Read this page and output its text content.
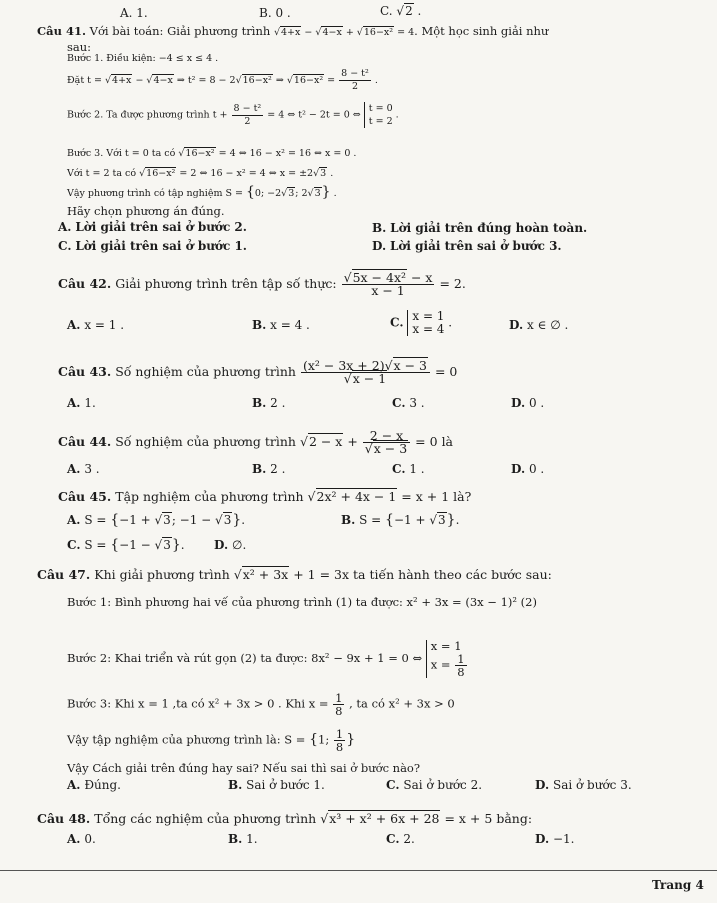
A. 1.	B. 0 .	C. √2 .
Câu 41. Với bài toán: Giải phương trình √4+x − √4−x + √16−x² = 4. Một học sinh giải như
sau:
Bước 1. Điều kiện: −4 ≤ x ≤ 4 .
Đặt t = √4+x − √4−x ⇒ t² = 8 − 2√16−x² ⇒ $√16-x^2 = \frac{\text{8 − t²}}{2}$ .
Bước 2. Ta được phương trình $t + \frac{\text{8 − t²}}{2} = 4$ ⇔ t² − 2t = 0 ⇔
t = 0
t = 2
.
Bước 3. Với t = 0 ta có √16−x² = 4 ⇔ 16 − x² = 16 ⇔ x = 0 .
Với t = 2 ta có √16−x² = 2 ⇔ 16 − x² = 4 ⇔ x = ±2√3 .
Vậy phương trình có tập nghiệm S = {0; −2√3; 2√3} .
Hãy chọn phương án đúng.
A. Lời giải trên sai ở bước 2.	B. Lời giải trên đúng hoàn toàn.
C. Lời giải trên sai ở bước 1.	D. Lời giải trên sai ở bước 3.
Câu 42. Giải phương trình trên tập số thực: $\frac{\text{√5x − 4x² − x}}{x - 1} = 2$.
A. x = 1 .	B. x = 4 .	C. x = 1
x = 4 .	D. x ∈ ∅ .
Câu 43. Số nghiệm của phương trình $\frac{\text{(x² − 3x + 2)√x − 3}}{√x - 1} = 0$
A. 1.	B. 2 .	C. 3 .	D. 0 .
Câu 44. Số nghiệm của phương trình $√2 - x + \frac{2 - x}{√x - 3} = 0$ là
A. 3 .	B. 2 .	C. 1 .	D. 0 .
Câu 45. Tập nghiệm của phương trình √2x² + 4x − 1 = x + 1 là?
A. S = {−1 + √3; −1 − √3}.	B. S = {−1 + √3}.
C. S = {−1 − √3}. D. ∅.
Câu 47. Khi giải phương trình √x² + 3x + 1 = 3x ta tiến hành theo các bước sau:
Bước 1: Bình phương hai vế của phương trình (1) ta được: x² + 3x = (3x − 1)² (2)
Bước 2: Khai triển và rút gọn (2) ta được: 8x² − 9x + 1 = 0 ⇔
x = 1
$x = \frac{1}{8}$
Bước 3: Khi x = 1 ,ta có x² + 3x > 0 . Khi $x = \frac{1}{8}$ , ta có x² + 3x > 0
Vậy tập nghiệm của phương trình là: S = {1; $\frac{1}{8}$ }
Vậy Cách giải trên đúng hay sai? Nếu sai thì sai ở bước nào?
A. Đúng.	B. Sai ở bước 1.	C. Sai ở bước 2.	D. Sai ở bước 3.
Câu 48. Tổng các nghiệm của phương trình √x³ + x² + 6x + 28 = x + 5 bằng:
A. 0.	B. 1.	C. 2.	D. −1.
Trang 4
